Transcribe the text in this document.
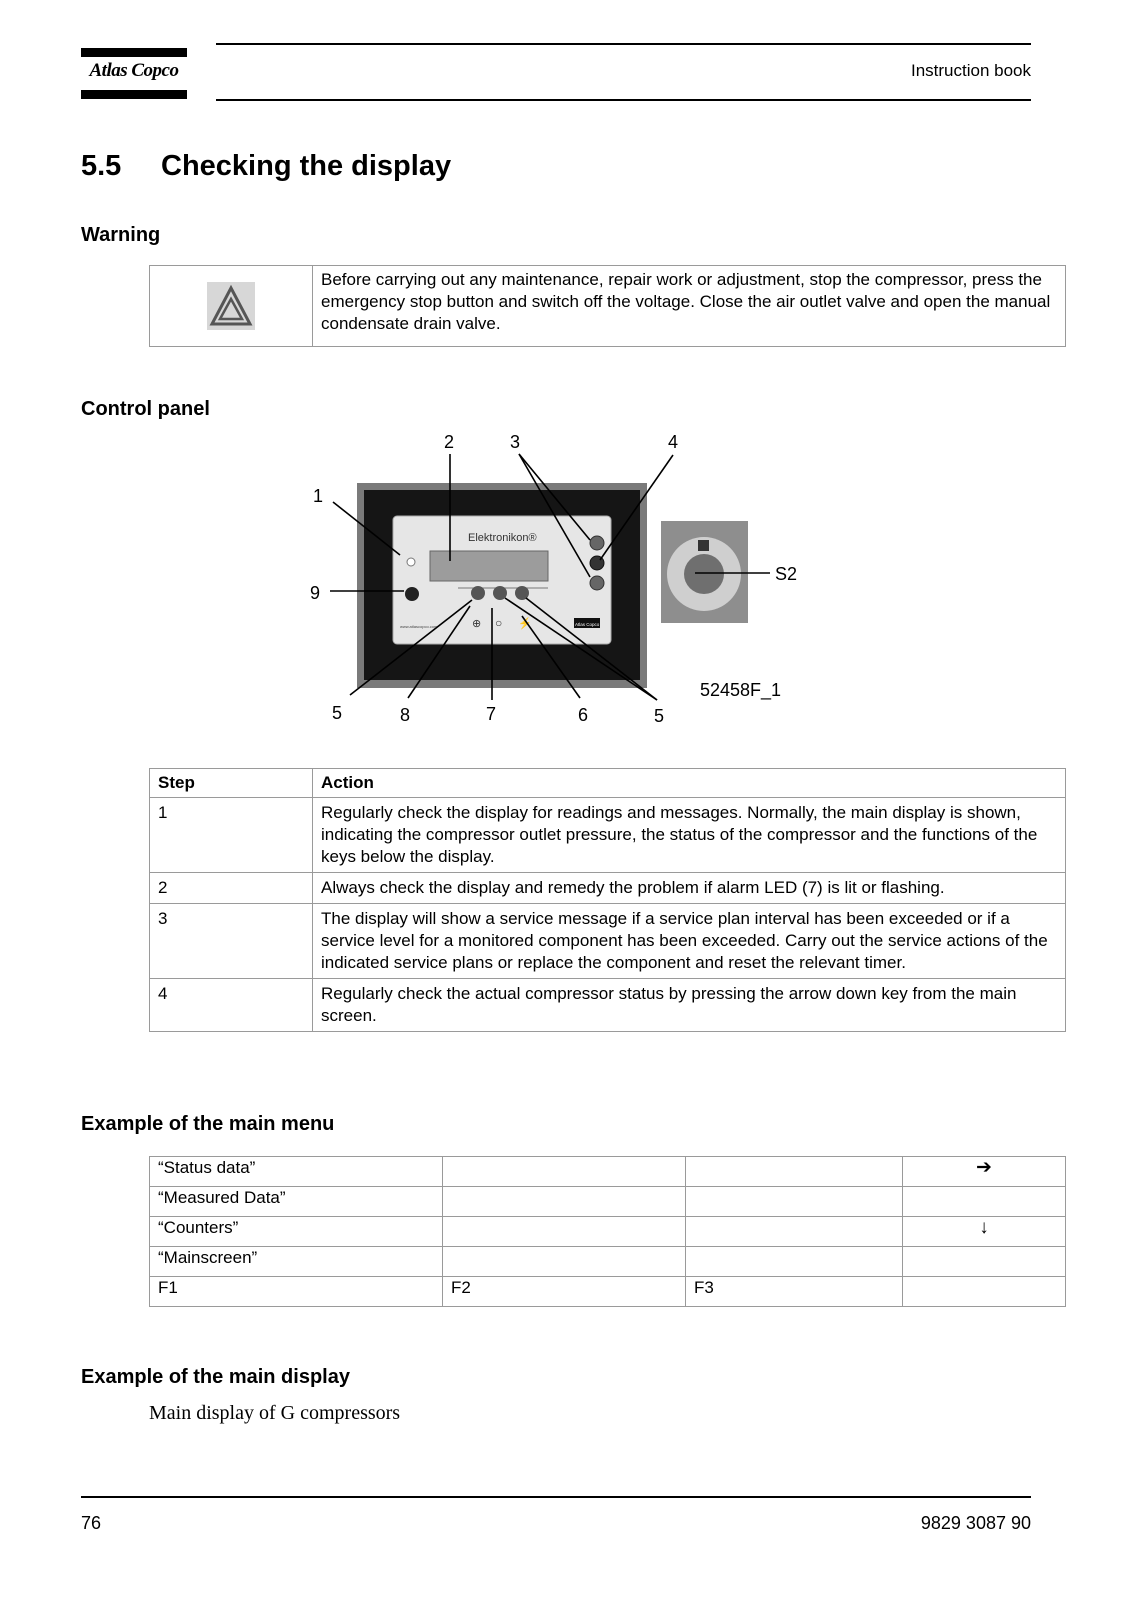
Atlas Copco	Instruction book
5.5 Checking the display
Warning
	Before carrying out any maintenance, repair work or adjustment, stop the compressor, press the emergency stop button and switch off the voltage. Close the air outlet valve and open the manual condensate drain valve.
Control panel
Elektronikon®
⊕ ○ ⚡
www.atlascopco.com	Atlas Copco
2	3	4
1
9
5	8	7	6	5
S2
52458F_1
Step	Action
1	Regularly check the display for readings and messages. Normally, the main display is shown, indicating the compressor outlet pressure, the status of the compressor and the functions of the keys below the display.
2	Always check the display and remedy the problem if alarm LED (7) is lit or flashing.
3	The display will show a service message if a service plan interval has been exceeded or if a service level for a monitored component has been exceeded. Carry out the service actions of the indicated service plans or replace the component and reset the relevant timer.
4	Regularly check the actual compressor status by pressing the arrow down key from the main screen.
Example of the main menu
“Status data”			➔
“Measured Data”			
“Counters”			↓
“Mainscreen”			
F1	F2	F3	
Example of the main display
Main display of G compressors
76	9829 3087 90
